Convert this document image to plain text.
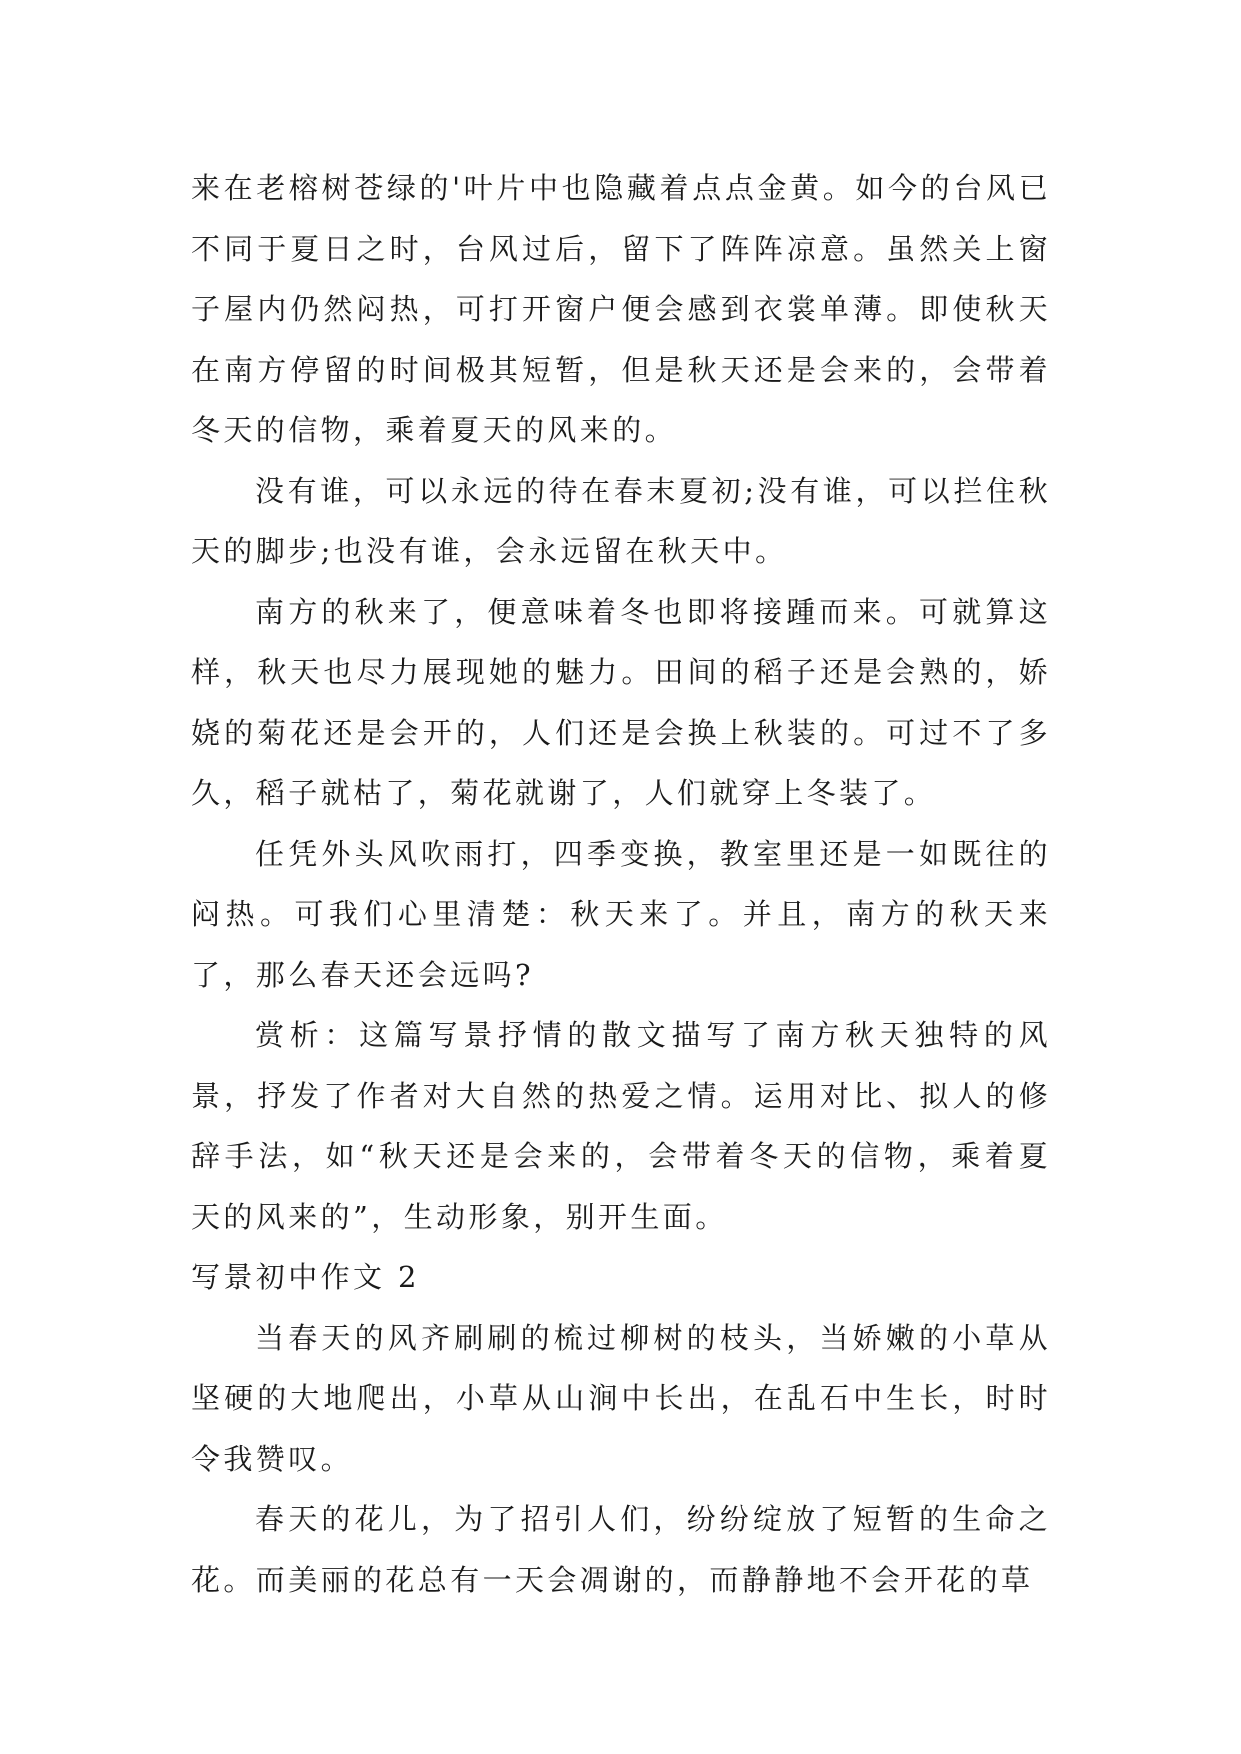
来在老榕树苍绿的'叶片中也隐藏着点点金黄。如今的台风已不同于夏日之时，台风过后，留下了阵阵凉意。虽然关上窗子屋内仍然闷热，可打开窗户便会感到衣裳单薄。即使秋天在南方停留的时间极其短暂，但是秋天还是会来的，会带着冬天的信物，乘着夏天的风来的。

没有谁，可以永远的待在春末夏初;没有谁，可以拦住秋天的脚步;也没有谁，会永远留在秋天中。

南方的秋来了，便意味着冬也即将接踵而来。可就算这样，秋天也尽力展现她的魅力。田间的稻子还是会熟的，娇娆的菊花还是会开的，人们还是会换上秋装的。可过不了多久，稻子就枯了，菊花就谢了，人们就穿上冬装了。

任凭外头风吹雨打，四季变换，教室里还是一如既往的闷热。可我们心里清楚：秋天来了。并且，南方的秋天来了，那么春天还会远吗?

赏析：这篇写景抒情的散文描写了南方秋天独特的风景，抒发了作者对大自然的热爱之情。运用对比、拟人的修辞手法，如“秋天还是会来的，会带着冬天的信物，乘着夏天的风来的”，生动形象，别开生面。

写景初中作文 2

当春天的风齐刷刷的梳过柳树的枝头，当娇嫩的小草从坚硬的大地爬出，小草从山涧中长出，在乱石中生长，时时令我赞叹。

春天的花儿，为了招引人们，纷纷绽放了短暂的生命之花。而美丽的花总有一天会凋谢的，而静静地不会开花的草
